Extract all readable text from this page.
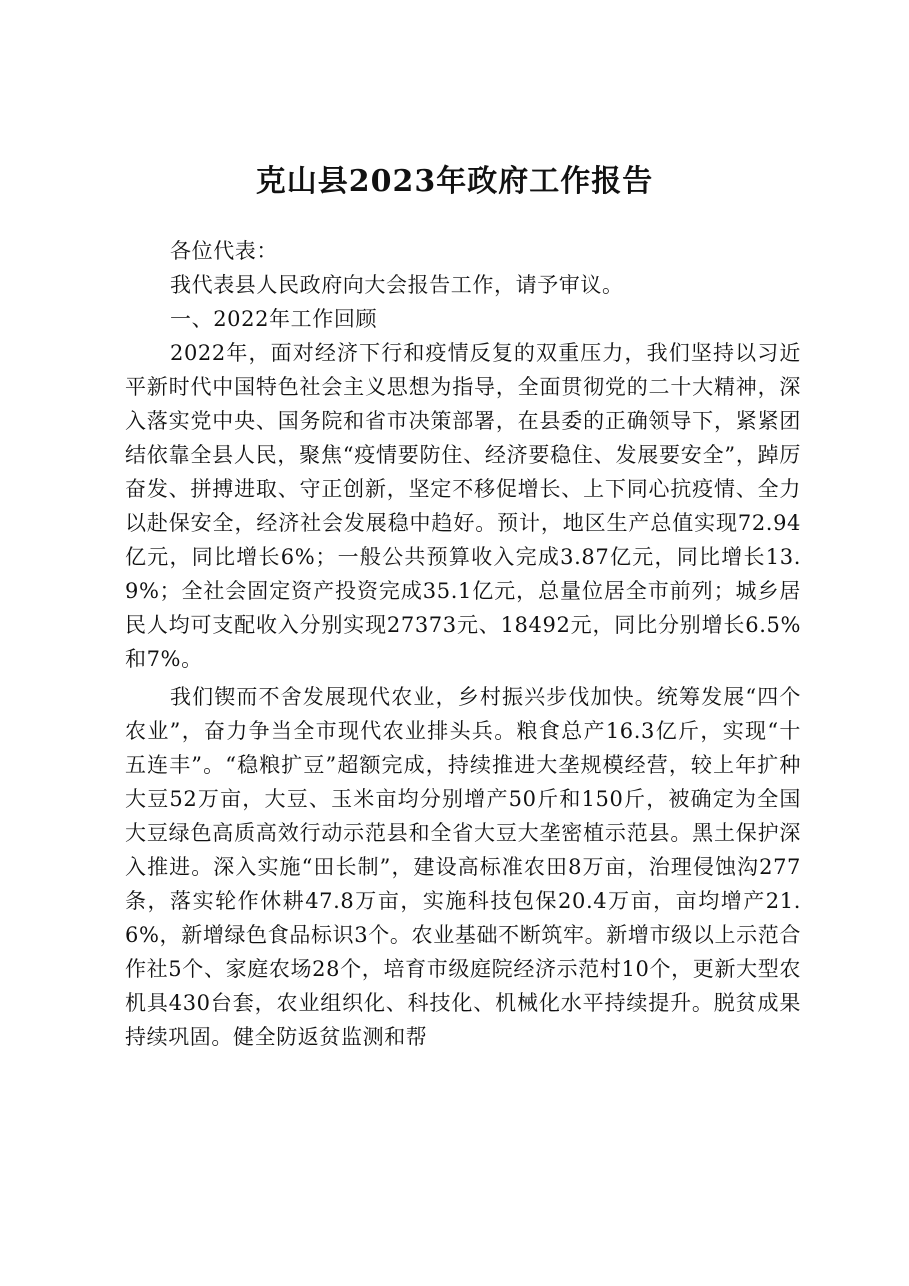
克山县2023年政府工作报告

各位代表：

我代表县人民政府向大会报告工作，请予审议。

一、2022年工作回顾

2022年，面对经济下行和疫情反复的双重压力，我们坚持以习近平新时代中国特色社会主义思想为指导，全面贯彻党的二十大精神，深入落实党中央、国务院和省市决策部署，在县委的正确领导下，紧紧团结依靠全县人民，聚焦“疫情要防住、经济要稳住、发展要安全”，踔厉奋发、拼搏进取、守正创新，坚定不移促增长、上下同心抗疫情、全力以赴保安全，经济社会发展稳中趋好。预计，地区生产总值实现72.94亿元，同比增长6%；一般公共预算收入完成3.87亿元，同比增长13.9%；全社会固定资产投资完成35.1亿元，总量位居全市前列；城乡居民人均可支配收入分别实现27373元、18492元，同比分别增长6.5%和7%。

我们锲而不舍发展现代农业，乡村振兴步伐加快。统筹发展“四个农业”，奋力争当全市现代农业排头兵。粮食总产16.3亿斤，实现“十五连丰”。“稳粮扩豆”超额完成，持续推进大垄规模经营，较上年扩种大豆52万亩，大豆、玉米亩均分别增产50斤和150斤，被确定为全国大豆绿色高质高效行动示范县和全省大豆大垄密植示范县。黑土保护深入推进。深入实施“田长制”，建设高标准农田8万亩，治理侵蚀沟277条，落实轮作休耕47.8万亩，实施科技包保20.4万亩，亩均增产21.6%，新增绿色食品标识3个。农业基础不断筑牢。新增市级以上示范合作社5个、家庭农场28个，培育市级庭院经济示范村10个，更新大型农机具430台套，农业组织化、科技化、机械化水平持续提升。脱贫成果持续巩固。健全防返贫监测和帮
